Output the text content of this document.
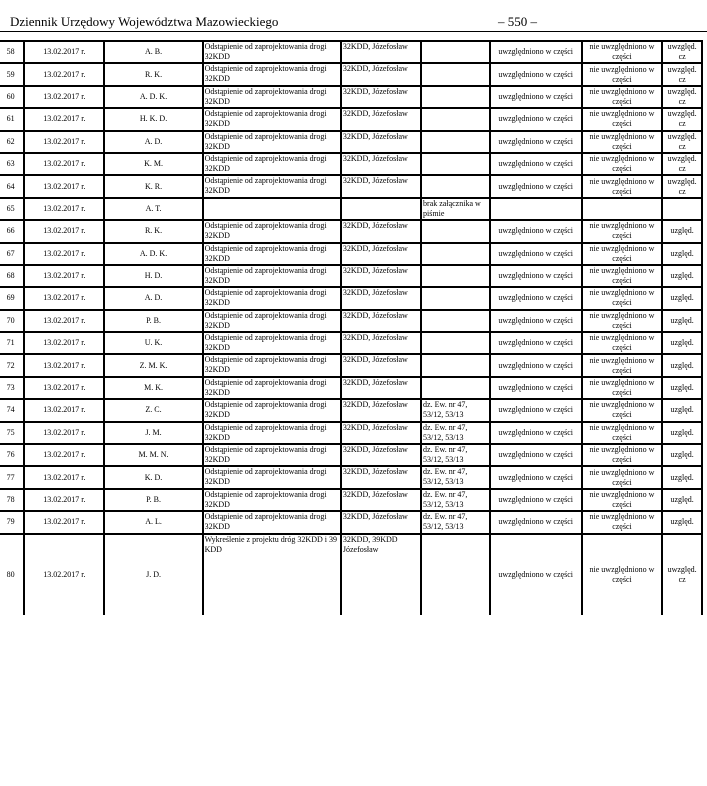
Dziennik Urzędowy Województwa Mazowieckiego	– 550 –
58	13.02.2017 r.	A. B.	Odstąpienie od zaprojektowania drogi 32KDD	32KDD, Józefosław		uwzględniono w części	nie uwzględniono w części	uwzględ. cz
59	13.02.2017 r.	R. K.	Odstąpienie od zaprojektowania drogi 32KDD	32KDD, Józefosław		uwzględniono w części	nie uwzględniono w części	uwzględ. cz
60	13.02.2017 r.	A. D. K.	Odstąpienie od zaprojektowania drogi 32KDD	32KDD, Józefosław		uwzględniono w części	nie uwzględniono w części	uwzględ. cz
61	13.02.2017 r.	H. K. D.	Odstąpienie od zaprojektowania drogi 32KDD	32KDD, Józefosław		uwzględniono w części	nie uwzględniono w części	uwzględ. cz
62	13.02.2017 r.	A. D.	Odstąpienie od zaprojektowania drogi 32KDD	32KDD, Józefosław		uwzględniono w części	nie uwzględniono w części	uwzględ. cz
63	13.02.2017 r.	K. M.	Odstąpienie od zaprojektowania drogi 32KDD	32KDD, Józefosław		uwzględniono w części	nie uwzględniono w części	uwzględ. cz
64	13.02.2017 r.	K. R.	Odstąpienie od zaprojektowania drogi 32KDD	32KDD, Józefosław		uwzględniono w części	nie uwzględniono w części	uwzględ. cz
65	13.02.2017 r.	A. T.			brak załącznika w piśmie			
66	13.02.2017 r.	R. K.	Odstąpienie od zaprojektowania drogi 32KDD	32KDD, Józefosław		uwzględniono w części	nie uwzględniono w części	uzględ.
67	13.02.2017 r.	A. D. K.	Odstąpienie od zaprojektowania drogi 32KDD	32KDD, Józefosław		uwzględniono w części	nie uwzględniono w części	uzględ.
68	13.02.2017 r.	H. D.	Odstąpienie od zaprojektowania drogi 32KDD	32KDD, Józefosław		uwzględniono w części	nie uwzględniono w części	uzględ.
69	13.02.2017 r.	A. D.	Odstąpienie od zaprojektowania drogi 32KDD	32KDD, Józefosław		uwzględniono w części	nie uwzględniono w części	uzględ.
70	13.02.2017 r.	P. B.	Odstąpienie od zaprojektowania drogi 32KDD	32KDD, Józefosław		uwzględniono w części	nie uwzględniono w części	uzględ.
71	13.02.2017 r.	U. K.	Odstąpienie od zaprojektowania drogi 32KDD	32KDD, Józefosław		uwzględniono w części	nie uwzględniono w części	uzględ.
72	13.02.2017 r.	Z. M. K.	Odstąpienie od zaprojektowania drogi 32KDD	32KDD, Józefosław		uwzględniono w części	nie uwzględniono w części	uzględ.
73	13.02.2017 r.	M. K.	Odstąpienie od zaprojektowania drogi 32KDD	32KDD, Józefosław		uwzględniono w części	nie uwzględniono w części	uzględ.
74	13.02.2017 r.	Z. C.	Odstąpienie od zaprojektowania drogi 32KDD	32KDD, Józefosław	dz. Ew. nr 47, 53/12, 53/13	uwzględniono w części	nie uwzględniono w części	uzględ.
75	13.02.2017 r.	J. M.	Odstąpienie od zaprojektowania drogi 32KDD	32KDD, Józefosław	dz. Ew. nr 47, 53/12, 53/13	uwzględniono w części	nie uwzględniono w części	uzględ.
76	13.02.2017 r.	M. M. N.	Odstąpienie od zaprojektowania drogi 32KDD	32KDD, Józefosław	dz. Ew. nr 47, 53/12, 53/13	uwzględniono w części	nie uwzględniono w części	uzględ.
77	13.02.2017 r.	K. D.	Odstąpienie od zaprojektowania drogi 32KDD	32KDD, Józefosław	dz. Ew. nr 47, 53/12, 53/13	uwzględniono w części	nie uwzględniono w części	uzględ.
78	13.02.2017 r.	P. B.	Odstąpienie od zaprojektowania drogi 32KDD	32KDD, Józefosław	dz. Ew. nr 47, 53/12, 53/13	uwzględniono w części	nie uwzględniono w części	uzględ.
79	13.02.2017 r.	A. L.	Odstąpienie od zaprojektowania drogi 32KDD	32KDD, Józefosław	dz. Ew. nr 47, 53/12, 53/13	uwzględniono w części	nie uwzględniono w części	uzględ.
80	13.02.2017 r.	J. D.	Wykreślenie z projektu dróg 32KDD i 39 KDD	32KDD, 39KDD Józefosław		uwzględniono w części	nie uwzględniono w części	uwzględ. cz
